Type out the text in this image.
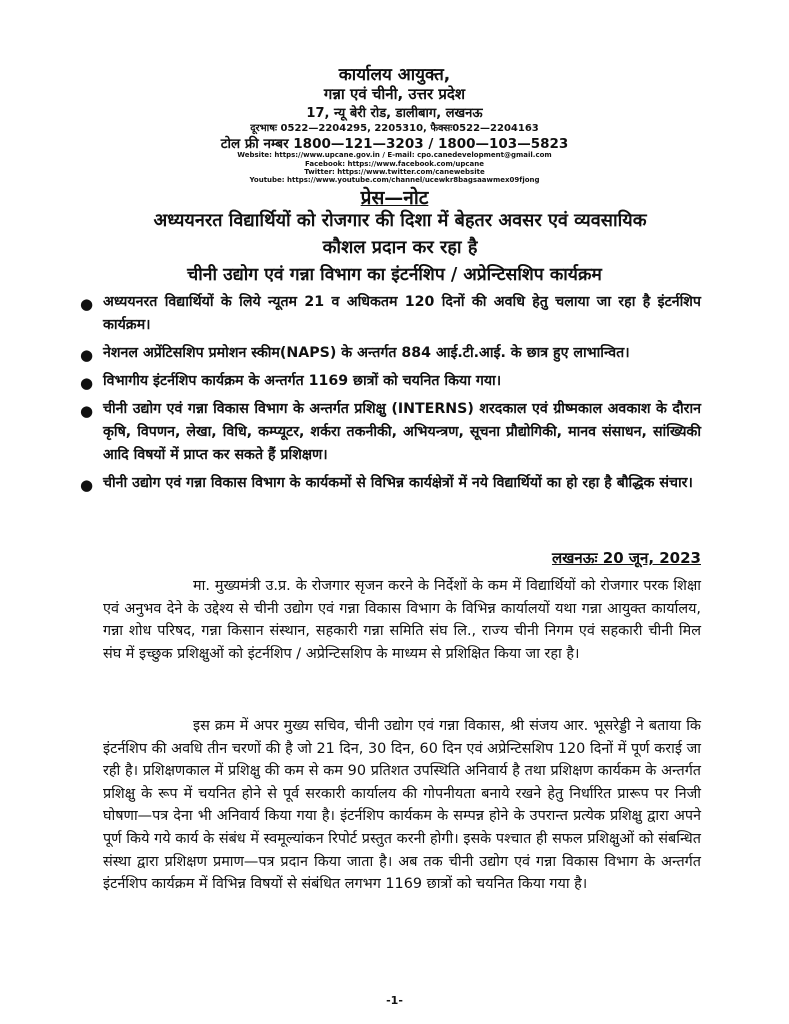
कार्यालय आयुक्त,
गन्ना एवं चीनी, उत्तर प्रदेश
17, न्यू बेरी रोड, डालीबाग, लखनऊ
दूरभाषः 0522—2204295, 2205310, फैक्सः0522—2204163
टोल फ्री नम्बर 1800—121—3203 / 1800—103—5823
Website: https://www.upcane.gov.in / E-mail: cpo.canedevelopment@gmail.com
Facebook: https://www.facebook.com/upcane
Twitter: https://www.twitter.com/canewebsite
Youtube: https://www.youtube.com/channel/ucewkr8bagsaawmex09fjong
प्रेस—नोट
अध्ययनरत विद्यार्थियों को रोजगार की दिशा में बेहतर अवसर एवं व्यवसायिक कौशल प्रदान कर रहा है
चीनी उद्योग एवं गन्ना विभाग का इंटर्नशिप / अप्रेन्टिसशिप कार्यक्रम
● अध्ययनरत विद्यार्थियों के लिये न्यूतम 21 व अधिकतम 120 दिनों की अवधि हेतु चलाया जा रहा है इंटर्नशिप कार्यक्रम।
● नेशनल अप्रेंटिसशिप प्रमोशन स्कीम(NAPS) के अन्तर्गत 884 आई.टी.आई. के छात्र हुए लाभान्वित।
● विभागीय इंटर्नशिप कार्यक्रम के अन्तर्गत 1169 छात्रों को चयनित किया गया।
● चीनी उद्योग एवं गन्ना विकास विभाग के अन्तर्गत प्रशिक्षु (INTERNS) शरदकाल एवं ग्रीष्मकाल अवकाश के दौरान कृषि, विपणन, लेखा, विधि, कम्प्यूटर, शर्करा तकनीकी, अभियन्त्रण, सूचना प्रौद्योगिकी, मानव संसाधन, सांख्यिकी आदि विषयों में प्राप्त कर सकते हैं प्रशिक्षण।
● चीनी उद्योग एवं गन्ना विकास विभाग के कार्यकमों से विभिन्न कार्यक्षेत्रों में नये विद्यार्थियों का हो रहा है बौद्धिक संचार।
लखनऊः 20 जून, 2023

मा. मुख्यमंत्री उ.प्र. के रोजगार सृजन करने के निर्देशों के कम में विद्यार्थियों को रोजगार परक शिक्षा एवं अनुभव देने के उद्देश्य से चीनी उद्योग एवं गन्ना विकास विभाग के विभिन्न कार्यालयों यथा गन्ना आयुक्त कार्यालय, गन्ना शोध परिषद, गन्ना किसान संस्थान, सहकारी गन्ना समिति संघ लि., राज्य चीनी निगम एवं सहकारी चीनी मिल संघ में इच्छुक प्रशिक्षुओं को इंटर्नशिप / अप्रेन्टिसशिप के माध्यम से प्रशिक्षित किया जा रहा है।

इस क्रम में अपर मुख्य सचिव, चीनी उद्योग एवं गन्ना विकास, श्री संजय आर. भूसरेड्डी ने बताया कि इंटर्नशिप की अवधि तीन चरणों की है जो 21 दिन, 30 दिन, 60 दिन एवं अप्रेन्टिसशिप 120 दिनों में पूर्ण कराई जा रही है। प्रशिक्षणकाल में प्रशिक्षु की कम से कम 90 प्रतिशत उपस्थिति अनिवार्य है तथा प्रशिक्षण कार्यकम के अन्तर्गत प्रशिक्षु के रूप में चयनित होने से पूर्व सरकारी कार्यालय की गोपनीयता बनाये रखने हेतु निर्धारित प्रारूप पर निजी घोषणा—पत्र देना भी अनिवार्य किया गया है। इंटर्नशिप कार्यकम के सम्पन्न होने के उपरान्त प्रत्येक प्रशिक्षु द्वारा अपने पूर्ण किये गये कार्य के संबंध में स्वमूल्यांकन रिपोर्ट प्रस्तुत करनी होगी। इसके पश्चात ही सफल प्रशिक्षुओं को संबन्धित संस्था द्वारा प्रशिक्षण प्रमाण—पत्र प्रदान किया जाता है। अब तक चीनी उद्योग एवं गन्ना विकास विभाग के अन्तर्गत इंटर्नशिप कार्यक्रम में विभिन्न विषयों से संबंधित लगभग 1169 छात्रों को चयनित किया गया है।

-1-
